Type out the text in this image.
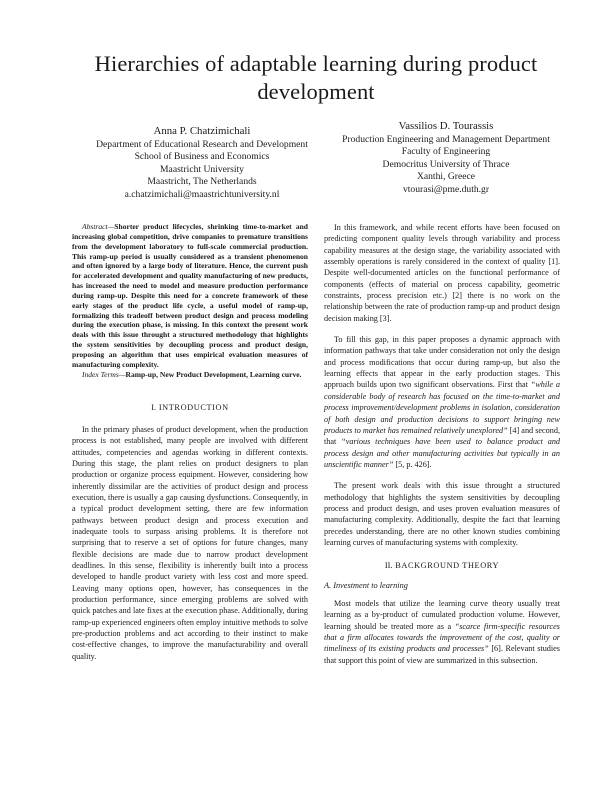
Hierarchies of adaptable learning during product development
Anna P. Chatzimichali
Department of Educational Research and Development
School of Business and Economics
Maastricht University
Maastricht, The Netherlands
a.chatzimichali@maastrichtuniversity.nl
Vassilios D. Tourassis
Production Engineering and Management Department
Faculty of Engineering
Democritus University of Thrace
Xanthi, Greece
vtourasi@pme.duth.gr

Abstract—Shorter product lifecycles, shrinking time-to-market and increasing global competition, drive companies to premature transitions from the development laboratory to full-scale commercial production. This ramp-up period is usually considered as a transient phenomenon and often ignored by a large body of literature. Hence, the current push for accelerated development and quality manufacturing of new products, has increased the need to model and measure production performance during ramp-up. Despite this need for a concrete framework of these early stages of the product life cycle, a useful model of ramp-up, formalizing this tradeoff between product design and process modeling during the execution phase, is missing. In this context the present work deals with this issue throught a structured methodology that highlights the system sensitivities by decoupling process and product design, proposing an algorithm that uses empirical evaluation measures of manufacturing complexity.

Index Terms—Ramp-up, New Product Development, Learning curve.

I. INTRODUCTION

In the primary phases of product development, when the production process is not established, many people are involved with different attitudes, competencies and agendas working in different contexts. During this stage, the plant relies on product designers to plan production or organize process equipment. However, considering how inherently dissimilar are the activities of product design and process execution, there is usually a gap causing dysfunctions. Consequently, in a typical product development setting, there are few information pathways between product design and process execution and inadequate tools to surpass arising problems. It is therefore not surprising that to reserve a set of options for future changes, many flexible decisions are made due to narrow product development deadlines. In this sense, flexibility is inherently built into a process developed to handle product variety with less cost and more speed. Leaving many options open, however, has consequences in the production performance, since emerging problems are solved with quick patches and late fixes at the execution phase. Additionally, during ramp-up experienced engineers often employ intuitive methods to solve pre-production problems and act according to their instinct to make cost-effective changes, to improve the manufacturability and overall quality.

In this framework, and while recent efforts have been focused on predicting component quality levels through variability and process capability measures at the design stage, the variability associated with assembly operations is rarely considered in the context of quality [1]. Despite well-documented articles on the functional performance of components (effects of material on process capability, geometric constraints, process precision etc.) [2] there is no work on the relationship between the rate of production ramp-up and product design decision making [3].

To fill this gap, in this paper proposes a dynamic approach with information pathways that take under consideration not only the design and process modifications that occur during ramp-up, but also the learning effects that appear in the early production stages. This approach builds upon two significant observations. First that “while a considerable body of research has focused on the time-to-market and process improvement/development problems in isolation, consideration of both design and production decisions to support bringing new products to market has remained relatively unexplored” [4] and second, that “various techniques have been used to balance product and process design and other manufacturing activities but typically in an unscientific manner” [5, p. 426].

The present work deals with this issue throught a structured methodology that highlights the system sensitivities by decoupling process and product design, and uses proven evaluation measures of manufacturing complexity. Additionally, despite the fact that learning precedes understanding, there are no other known studies combining learning curves of manufacturing systems with complexity.

II. BACKGROUND THEORY
A. Investment to learning

Most models that utilize the learning curve theory usually treat learning as a by-product of cumulated production volume. However, learning should be treated more as a “scarce firm-specific resources that a firm allocates towards the improvement of the cost, quality or timeliness of its existing products and processes” [6]. Relevant studies that support this point of view are summarized in this subsection.
